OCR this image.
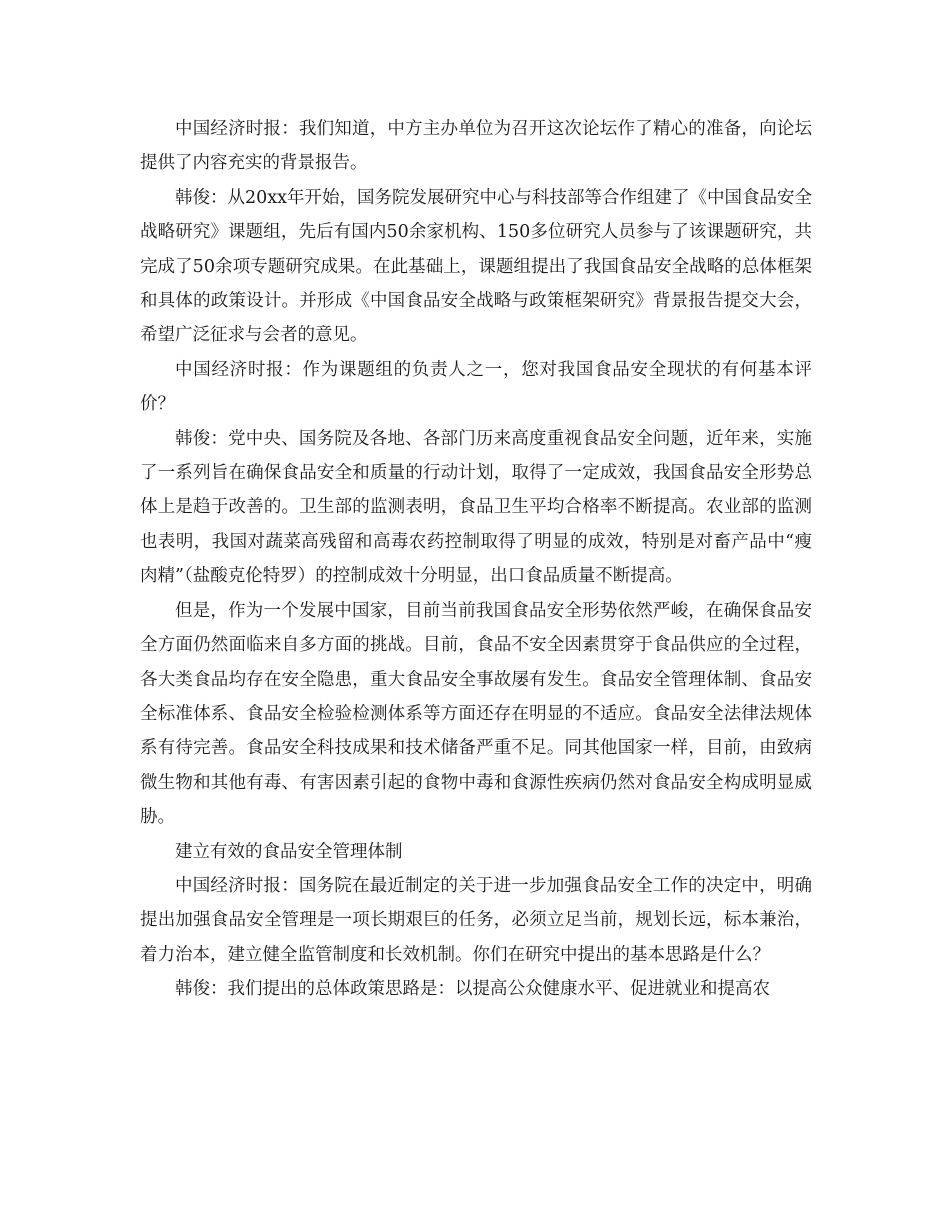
中国经济时报：我们知道，中方主办单位为召开这次论坛作了精心的准备，向论坛提供了内容充实的背景报告。

韩俊：从20xx年开始，国务院发展研究中心与科技部等合作组建了《中国食品安全战略研究》课题组，先后有国内50余家机构、150多位研究人员参与了该课题研究，共完成了50余项专题研究成果。在此基础上，课题组提出了我国食品安全战略的总体框架和具体的政策设计。并形成《中国食品安全战略与政策框架研究》背景报告提交大会，希望广泛征求与会者的意见。

中国经济时报：作为课题组的负责人之一，您对我国食品安全现状的有何基本评价？

韩俊：党中央、国务院及各地、各部门历来高度重视食品安全问题，近年来，实施了一系列旨在确保食品安全和质量的行动计划，取得了一定成效，我国食品安全形势总体上是趋于改善的。卫生部的监测表明，食品卫生平均合格率不断提高。农业部的监测也表明，我国对蔬菜高残留和高毒农药控制取得了明显的成效，特别是对畜产品中“瘦肉精”（盐酸克伦特罗）的控制成效十分明显，出口食品质量不断提高。

但是，作为一个发展中国家，目前当前我国食品安全形势依然严峻，在确保食品安全方面仍然面临来自多方面的挑战。目前，食品不安全因素贯穿于食品供应的全过程，各大类食品均存在安全隐患，重大食品安全事故屡有发生。食品安全管理体制、食品安全标准体系、食品安全检验检测体系等方面还存在明显的不适应。食品安全法律法规体系有待完善。食品安全科技成果和技术储备严重不足。同其他国家一样，目前，由致病微生物和其他有毒、有害因素引起的食物中毒和食源性疾病仍然对食品安全构成明显威胁。

建立有效的食品安全管理体制

中国经济时报：国务院在最近制定的关于进一步加强食品安全工作的决定中，明确提出加强食品安全管理是一项长期艰巨的任务，必须立足当前，规划长远，标本兼治，着力治本，建立健全监管制度和长效机制。你们在研究中提出的基本思路是什么？

韩俊：我们提出的总体政策思路是：以提高公众健康水平、促进就业和提高农
